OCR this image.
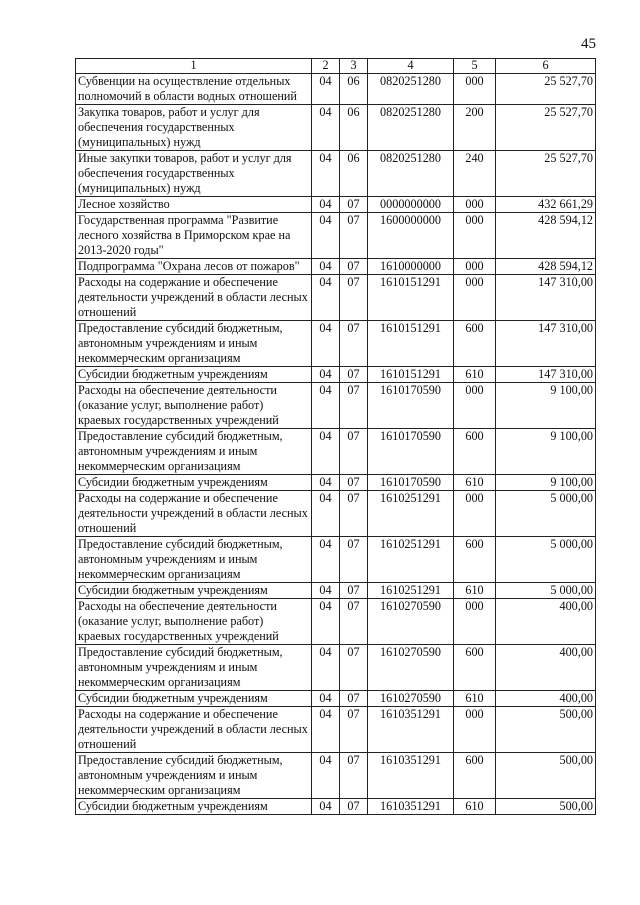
45
1	2	3	4	5	6
Субвенции на осуществление отдельных полномочий в области водных отношений	04	06	0820251280	000	25 527,70
Закупка товаров, работ и услуг для обеспечения государственных (муниципальных) нужд	04	06	0820251280	200	25 527,70
Иные закупки товаров, работ и услуг для обеспечения государственных (муниципальных) нужд	04	06	0820251280	240	25 527,70
Лесное хозяйство	04	07	0000000000	000	432 661,29
Государственная программа "Развитие лесного хозяйства в Приморском крае на 2013-2020 годы"	04	07	1600000000	000	428 594,12
Подпрограмма "Охрана лесов от пожаров"	04	07	1610000000	000	428 594,12
Расходы на содержание и обеспечение деятельности учреждений в области лесных отношений	04	07	1610151291	000	147 310,00
Предоставление субсидий бюджетным, автономным учреждениям и иным некоммерческим организациям	04	07	1610151291	600	147 310,00
Субсидии бюджетным учреждениям	04	07	1610151291	610	147 310,00
Расходы на обеспечение деятельности (оказание услуг, выполнение работ) краевых государственных учреждений	04	07	1610170590	000	9 100,00
Предоставление субсидий бюджетным, автономным учреждениям и иным некоммерческим организациям	04	07	1610170590	600	9 100,00
Субсидии бюджетным учреждениям	04	07	1610170590	610	9 100,00
Расходы на содержание и обеспечение деятельности учреждений в области лесных отношений	04	07	1610251291	000	5 000,00
Предоставление субсидий бюджетным, автономным учреждениям и иным некоммерческим организациям	04	07	1610251291	600	5 000,00
Субсидии бюджетным учреждениям	04	07	1610251291	610	5 000,00
Расходы на обеспечение деятельности (оказание услуг, выполнение работ) краевых государственных учреждений	04	07	1610270590	000	400,00
Предоставление субсидий бюджетным, автономным учреждениям и иным некоммерческим организациям	04	07	1610270590	600	400,00
Субсидии бюджетным учреждениям	04	07	1610270590	610	400,00
Расходы на содержание и обеспечение деятельности учреждений в области лесных отношений	04	07	1610351291	000	500,00
Предоставление субсидий бюджетным, автономным учреждениям и иным некоммерческим организациям	04	07	1610351291	600	500,00
Субсидии бюджетным учреждениям	04	07	1610351291	610	500,00
